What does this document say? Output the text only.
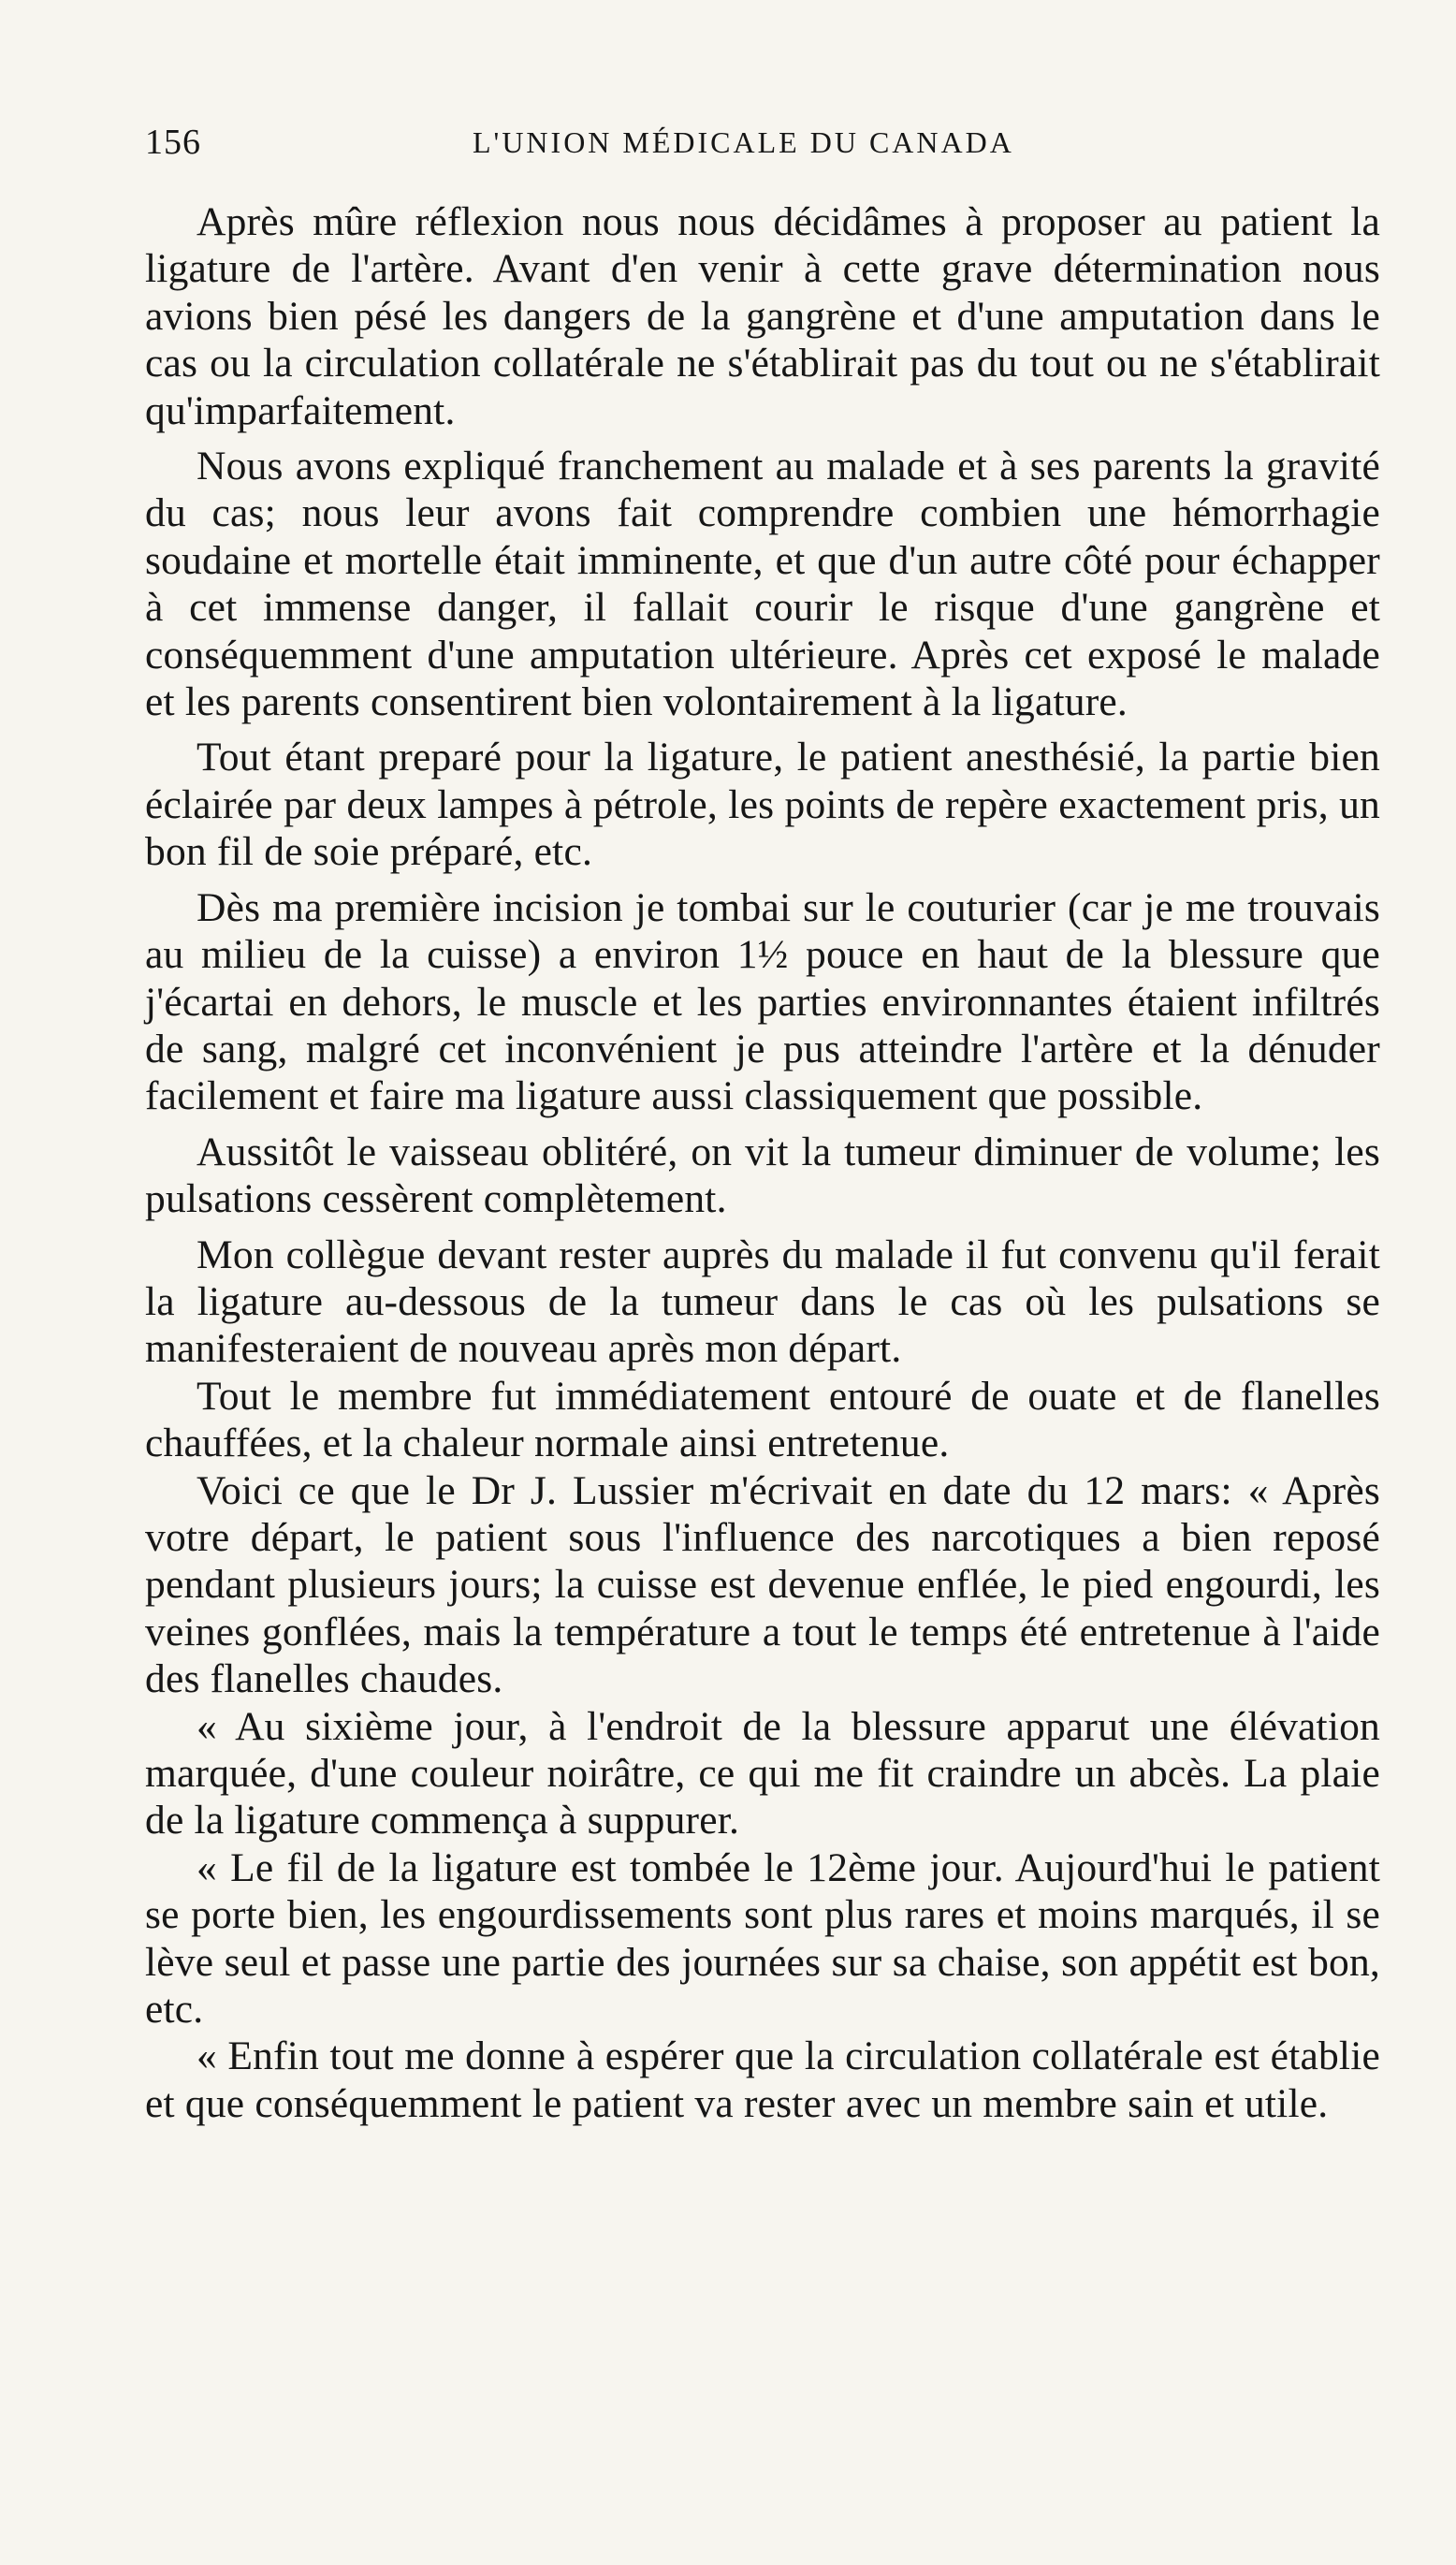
156	L'UNION MÉDICALE DU CANADA

Après mûre réflexion nous nous décidâmes à proposer au patient la ligature de l'artère. Avant d'en venir à cette grave détermination nous avions bien pésé les dangers de la gangrène et d'une amputation dans le cas ou la circulation collatérale ne s'établirait pas du tout ou ne s'établirait qu'imparfaitement.

Nous avons expliqué franchement au malade et à ses parents la gravité du cas; nous leur avons fait comprendre combien une hémorrhagie soudaine et mortelle était imminente, et que d'un autre côté pour échapper à cet immense danger, il fallait courir le risque d'une gangrène et conséquemment d'une amputation ultérieure. Après cet exposé le malade et les parents consentirent bien volontairement à la ligature.

Tout étant preparé pour la ligature, le patient anesthésié, la partie bien éclairée par deux lampes à pétrole, les points de repère exactement pris, un bon fil de soie préparé, etc.

Dès ma première incision je tombai sur le couturier (car je me trouvais au milieu de la cuisse) a environ 1½ pouce en haut de la blessure que j'écartai en dehors, le muscle et les parties environnantes étaient infiltrés de sang, malgré cet inconvénient je pus atteindre l'artère et la dénuder facilement et faire ma ligature aussi classiquement que possible.

Aussitôt le vaisseau oblitéré, on vit la tumeur diminuer de volume; les pulsations cessèrent complètement.

Mon collègue devant rester auprès du malade il fut convenu qu'il ferait la ligature au-dessous de la tumeur dans le cas où les pulsations se manifesteraient de nouveau après mon départ.

Tout le membre fut immédiatement entouré de ouate et de flanelles chauffées, et la chaleur normale ainsi entretenue.

Voici ce que le Dr J. Lussier m'écrivait en date du 12 mars: « Après votre départ, le patient sous l'influence des narcotiques a bien reposé pendant plusieurs jours; la cuisse est devenue enflée, le pied engourdi, les veines gonflées, mais la température a tout le temps été entretenue à l'aide des flanelles chaudes.

« Au sixième jour, à l'endroit de la blessure apparut une élévation marquée, d'une couleur noirâtre, ce qui me fit craindre un abcès. La plaie de la ligature commença à suppurer.

« Le fil de la ligature est tombée le 12ème jour. Aujourd'hui le patient se porte bien, les engourdissements sont plus rares et moins marqués, il se lève seul et passe une partie des journées sur sa chaise, son appétit est bon, etc.

« Enfin tout me donne à espérer que la circulation collatérale est établie et que conséquemment le patient va rester avec un membre sain et utile.
